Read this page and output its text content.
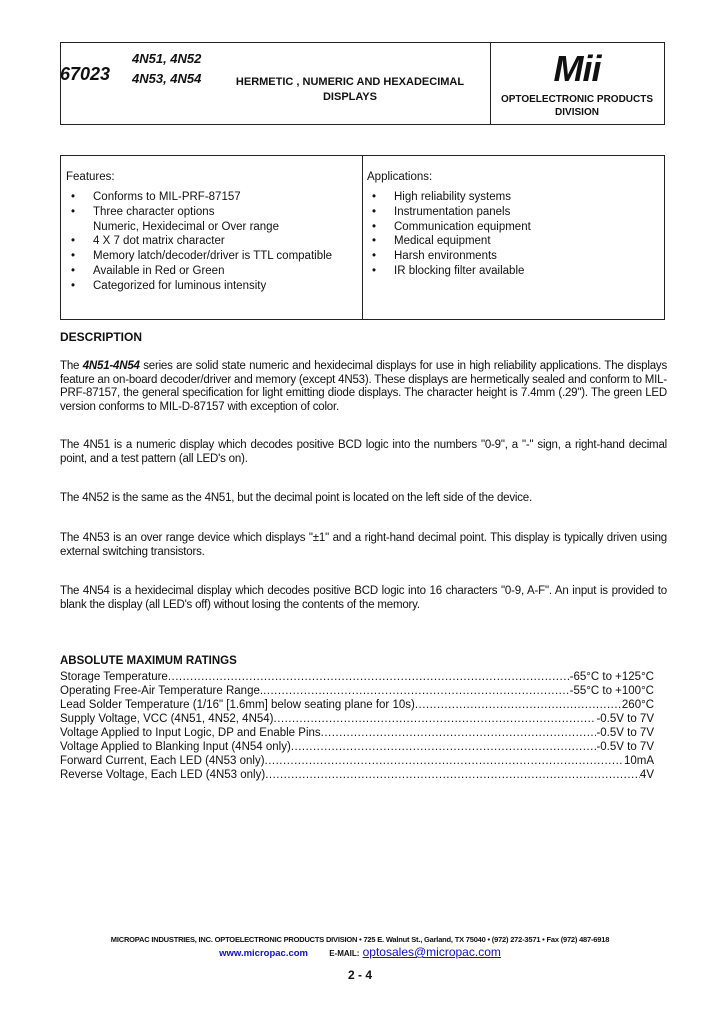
67023
4N51, 4N52
4N53, 4N54	HERMETIC , NUMERIC AND HEXADECIMAL
DISPLAYS
Mii
OPTOELECTRONIC PRODUCTS
DIVISION
Features:
• Conforms to MIL-PRF-87157
• Three character options
Numeric, Hexidecimal or Over range
• 4 X 7 dot matrix character
• Memory latch/decoder/driver is TTL compatible
• Available in Red or Green
• Categorized for luminous intensity
Applications:
• High reliability systems
• Instrumentation panels
• Communication equipment
• Medical equipment
• Harsh environments
• IR blocking filter available
DESCRIPTION
The 4N51-4N54 series are solid state numeric and hexidecimal displays for use in high reliability applications. The displays feature an on-board decoder/driver and memory (except 4N53). These displays are hermetically sealed and conform to MIL-PRF-87157, the general specification for light emitting diode displays. The character height is 7.4mm (.29"). The green LED version conforms to MIL-D-87157 with exception of color.
The 4N51 is a numeric display which decodes positive BCD logic into the numbers "0-9", a "-" sign, a right-hand decimal point, and a test pattern (all LED's on).
The 4N52 is the same as the 4N51, but the decimal point is located on the left side of the device.
The 4N53 is an over range device which displays "±1" and a right-hand decimal point. This display is typically driven using external switching transistors.
The 4N54 is a hexidecimal display which decodes positive BCD logic into 16 characters "0-9, A-F". An input is provided to blank the display (all LED's off) without losing the contents of the memory.
ABSOLUTE MAXIMUM RATINGS
Storage Temperature .....	-65°C to +125°C
Operating Free-Air Temperature Range. .....	-55°C to +100°C
Lead Solder Temperature (1/16" [1.6mm] below seating plane for 10s) .....	260°C
Supply Voltage, VCC (4N51, 4N52, 4N54) .....	-0.5V to 7V
Voltage Applied to Input Logic, DP and Enable Pins .....	-0.5V to 7V
Voltage Applied to Blanking Input (4N54 only) .....	-0.5V to 7V
Forward Current, Each LED (4N53 only) .....	10mA
Reverse Voltage, Each LED (4N53 only) .....	4V
MICROPAC INDUSTRIES, INC. OPTOELECTRONIC PRODUCTS DIVISION • 725 E. Walnut St., Garland, TX 75040 • (972) 272-3571 • Fax (972) 487-6918
www.micropac.com	E-MAIL: optosales@micropac.com
2 - 4
